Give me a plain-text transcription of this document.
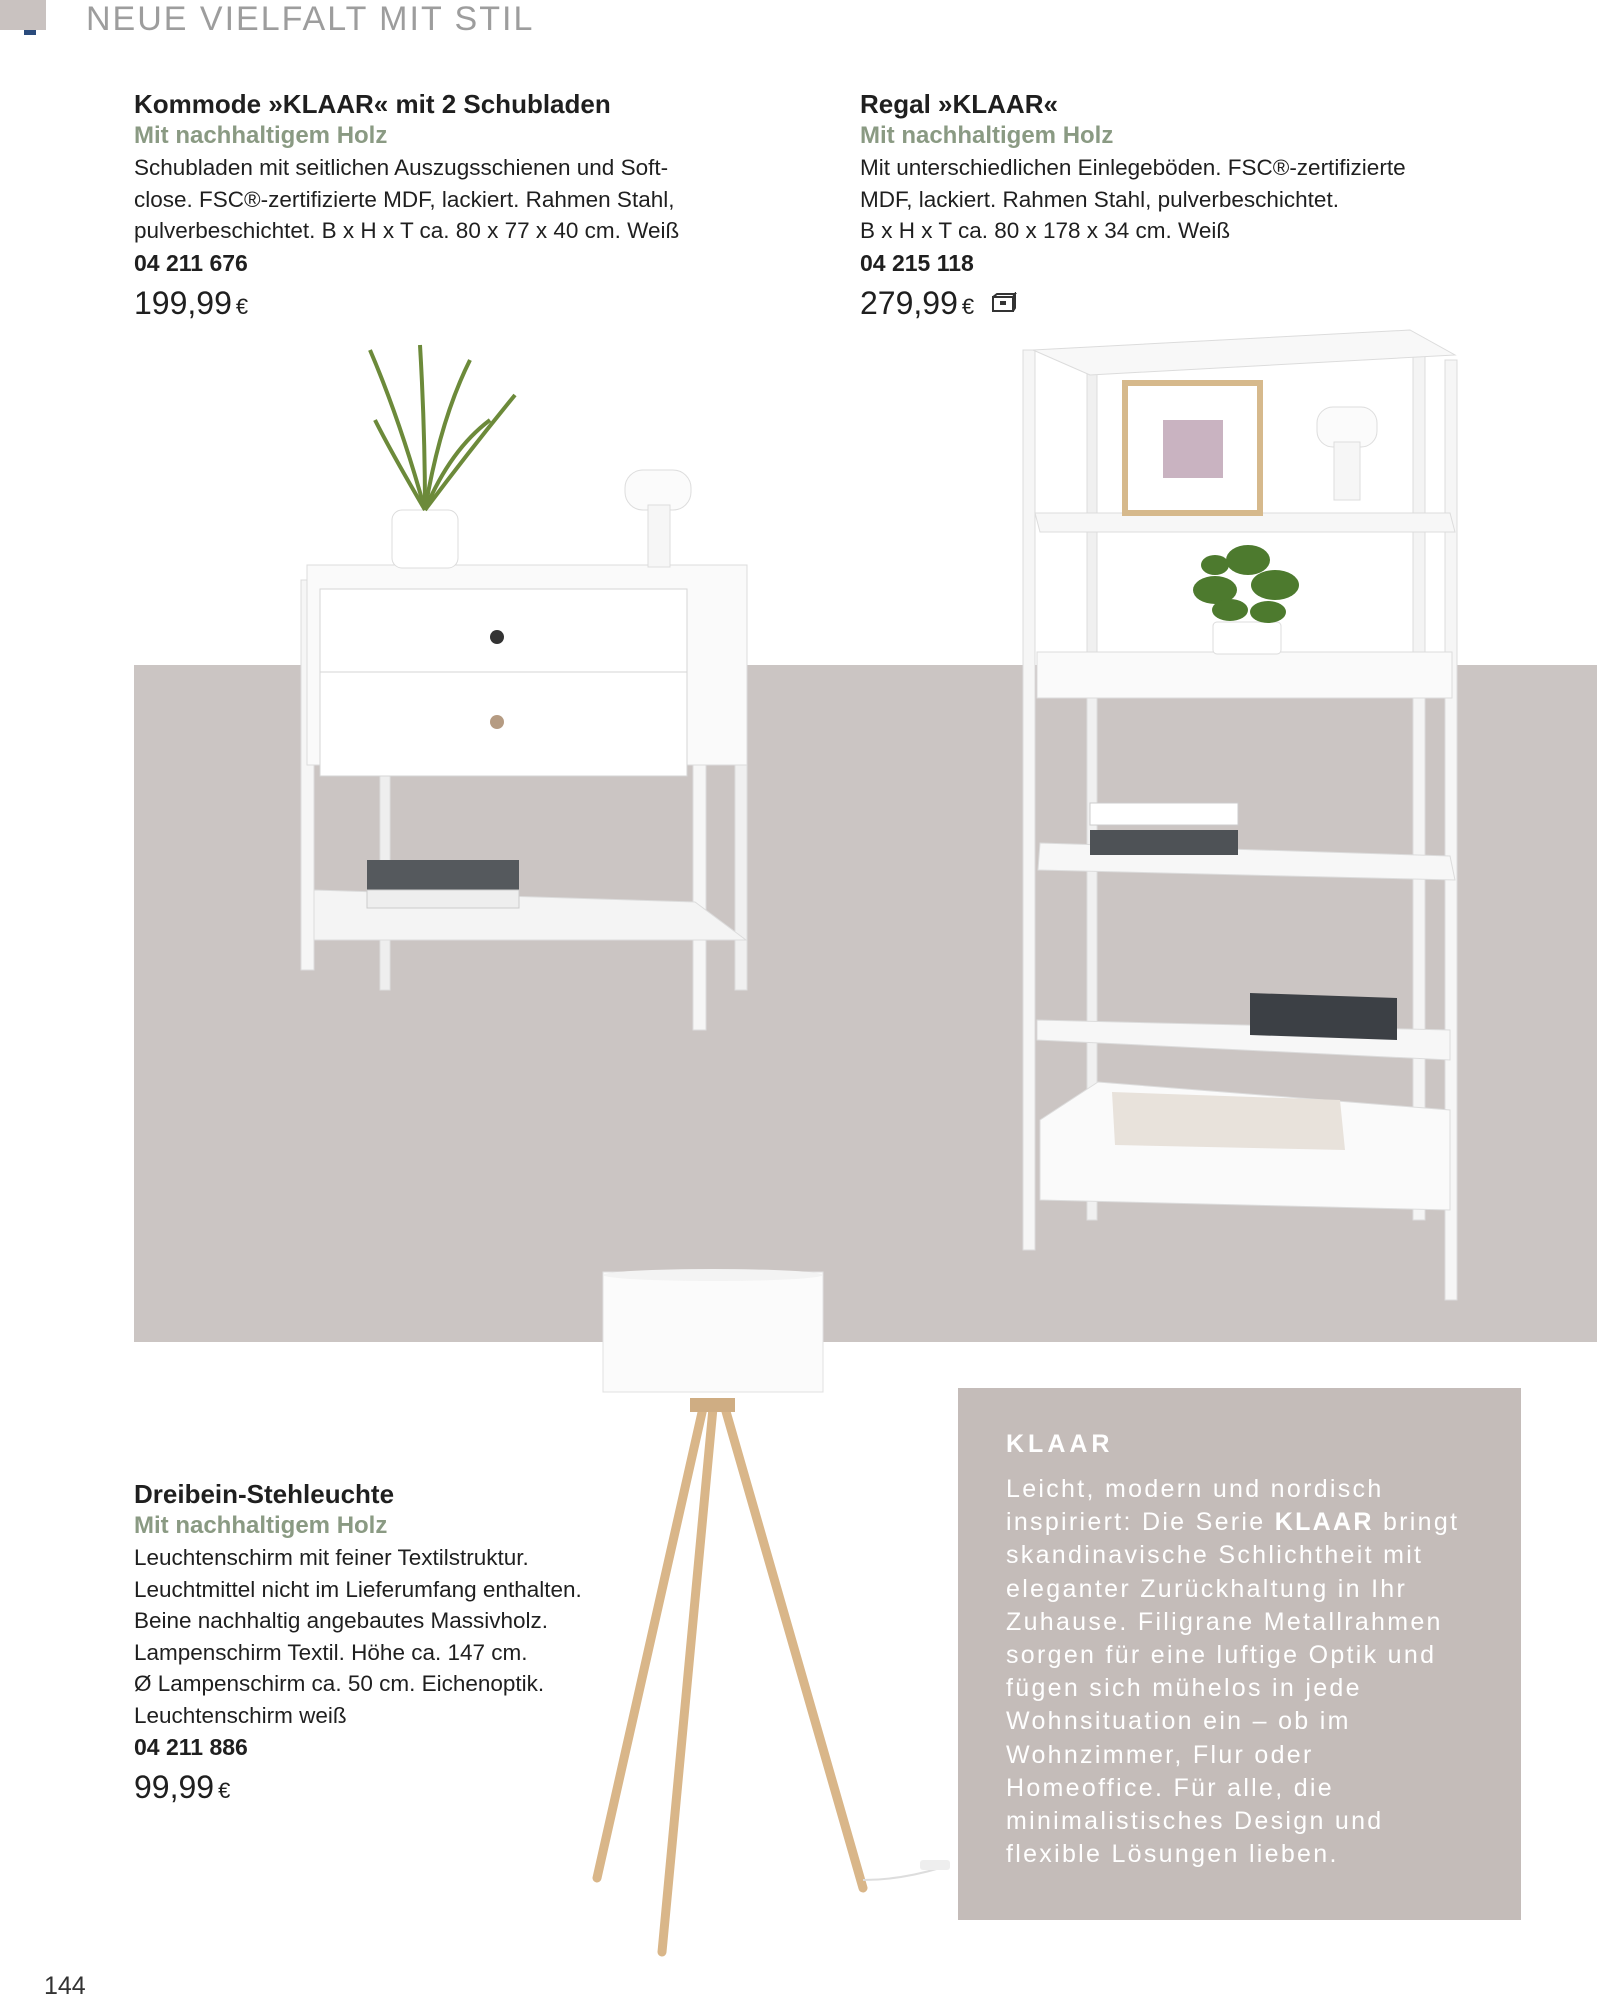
NEUE VIELFALT MIT STIL

Kommode »KLAAR« mit 2 Schubladen

Mit nachhaltigem Holz

Schubladen mit seitlichen Auszugsschienen und Soft-

close. FSC®-zertifizierte MDF, lackiert. Rahmen Stahl,

pulverbeschichtet. B x H x T ca. 80 x 77 x 40 cm. Weiß

04 211 676

199,99 €

Regal »KLAAR«

Mit nachhaltigem Holz

Mit unterschiedlichen Einlegeböden. FSC®-zertifizierte

MDF, lackiert. Rahmen Stahl, pulverbeschichtet.

B x H x T ca. 80 x 178 x 34 cm. Weiß

04 215 118

279,99 €

Dreibein-Stehleuchte

Mit nachhaltigem Holz

Leuchtenschirm mit feiner Textilstruktur.

Leuchtmittel nicht im Lieferumfang enthalten.

Beine nachhaltig angebautes Massivholz.

Lampenschirm Textil. Höhe ca. 147 cm.

Ø Lampenschirm ca. 50 cm. Eichenoptik.

Leuchtenschirm weiß

04 211 886

99,99 €

KLAAR

Leicht, modern und nordisch inspiriert: Die Serie KLAAR bringt skandinavische Schlichtheit mit eleganter Zurückhaltung in Ihr Zuhause. Filigrane Metallrahmen sorgen für eine luftige Optik und fügen sich mühelos in jede Wohnsituation ein – ob im Wohnzimmer, Flur oder Homeoffice. Für alle, die minimalistisches Design und flexible Lösungen lieben.

144
